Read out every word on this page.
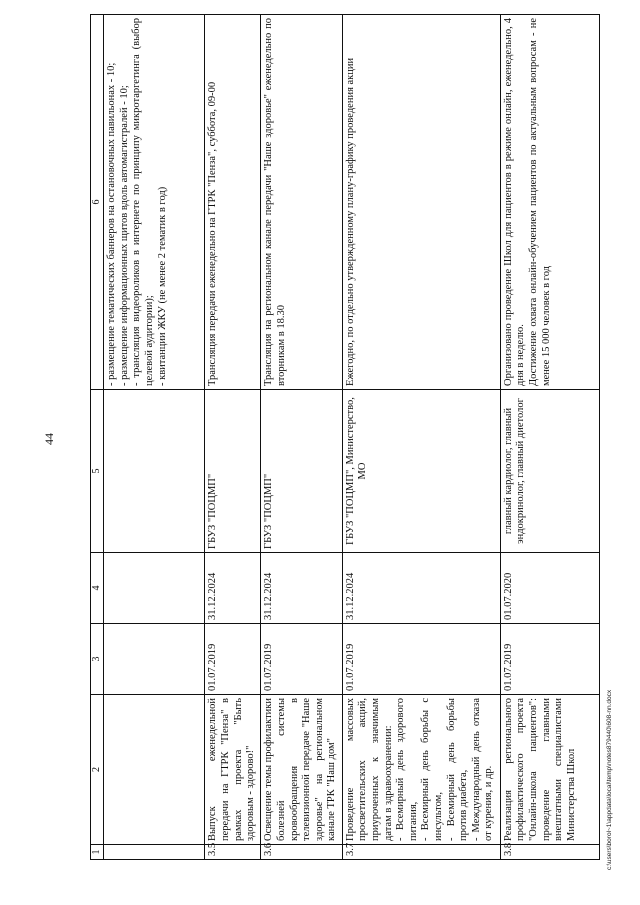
44
1	2	3	4	5	6

					- размещение тематических баннеров на остановочных павильонах - 10; - размещение информационных щитов вдоль автомагистралей - 10; - трансляция видеороликов в интернете по принципу микротаргетинга (выбор целевой аудитории); - квитанции ЖКУ (не менее 2 тематик в год)

3.5	Выпуск еженедельной передачи на ГТРК "Пенза" в рамках проекта "Быть здоровым - здорово!"	01.07.2019	31.12.2024	ГБУЗ "ПОЦМП"	Трансляция передачи еженедельно на ГТРК "Пенза", суббота, 09-00

3.6	Освещение темы профилактики болезней системы кровообращения в телевизионной передаче "Наше здоровье" на региональном канале ТРК "Наш дом"	01.07.2019	31.12.2024	ГБУЗ "ПОЦМП"	Трансляция на региональном канале передачи "Наше здоровье" еженедельно по вторникам в 18.30

3.7	Проведение массовых просветительских акций, приуроченных к значимым датам в здравоохранении: - Всемирный день здорового питания, - Всемирный день борьбы с инсультом, - Всемирный день борьбы против диабета, - Международный день отказа от курения, и др.	01.07.2019	31.12.2024	ГБУЗ "ПОЦМП", Министерство, МО	Ежегодно, по отдельно утвержденному плану-графику проведения акции

3.8	Реализация регионального профилактического проекта "Онлайн-школа пациентов": проведение главными внештатными специалистами Министерства Школ	01.07.2019	01.07.2020	главный кардиолог, главный эндокринолог, главный диетолог	Организовано проведение Школ для пациентов в режиме онлайн, еженедельно, 4 дня в неделю. Достижение охвата онлайн-обучением пациентов по актуальным вопросам - не менее 15 000 человек в год
c:\users\borol~1\appdata\local\temp\notes879440\608-nn.docx
